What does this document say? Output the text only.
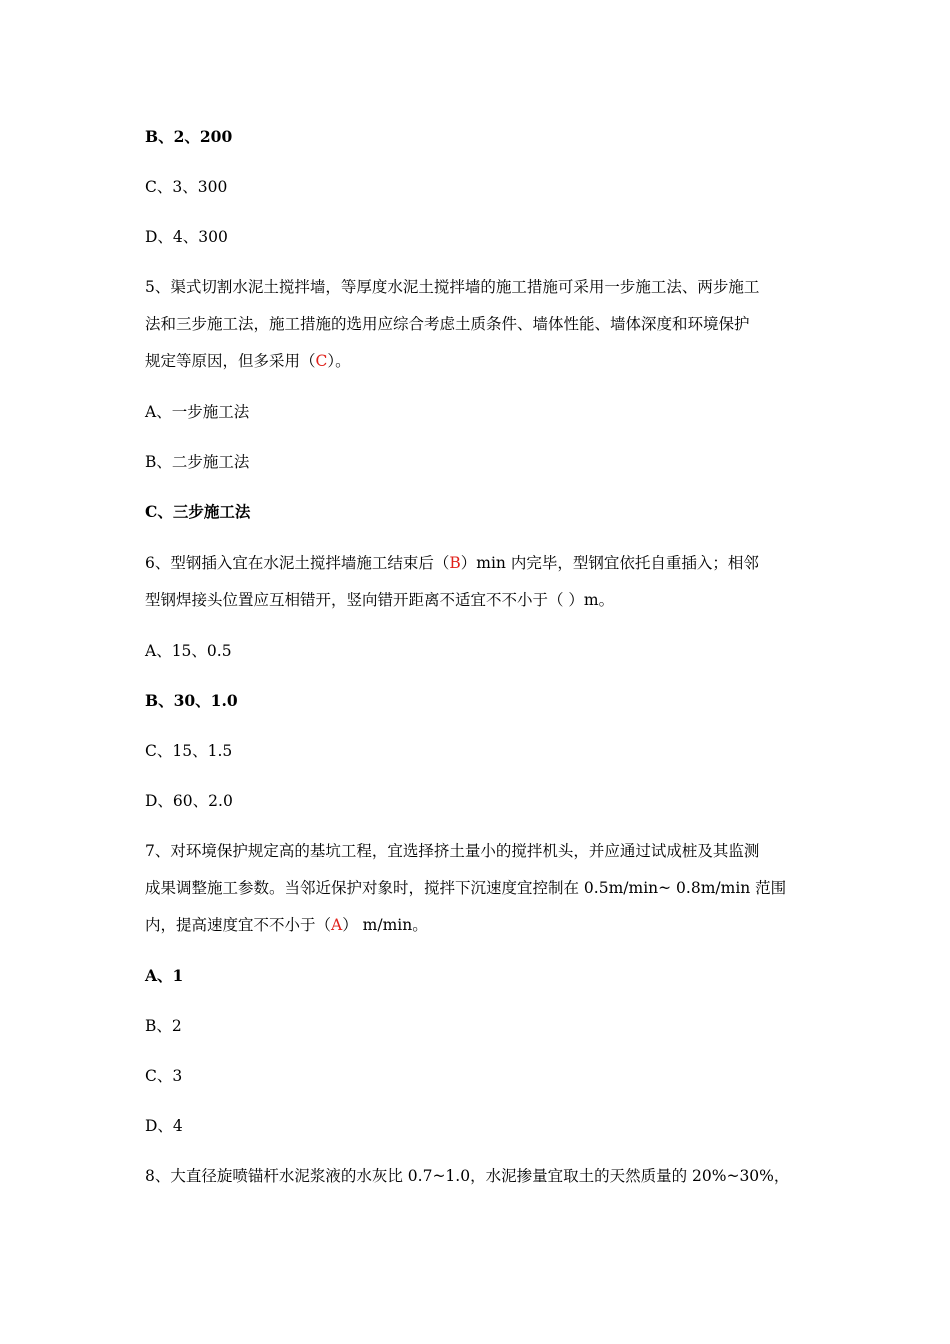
B、2、200
C、3、300
D、4、300
5、渠式切割水泥土搅拌墙，等厚度水泥土搅拌墙的施工措施可采用一步施工法、两步施工
法和三步施工法，施工措施的选用应综合考虑土质条件、墙体性能、墙体深度和环境保护
规定等原因，但多采用（C）。
A、一步施工法
B、二步施工法
C、三步施工法
6、型钢插入宜在水泥土搅拌墙施工结束后（B）min 内完毕，型钢宜依托自重插入；相邻
型钢焊接头位置应互相错开，竖向错开距离不适宜不不小于（ ）m。
A、15、0.5
B、30、1.0
C、15、1.5
D、60、2.0
7、对环境保护规定高的基坑工程，宜选择挤土量小的搅拌机头，并应通过试成桩及其监测
成果调整施工参数。当邻近保护对象时，搅拌下沉速度宜控制在 0.5m/min~ 0.8m/min 范围
内，提高速度宜不不小于（A） m/min。
A、1
B、2
C、3
D、4
8、大直径旋喷锚杆水泥浆液的水灰比 0.7~1.0，水泥掺量宜取土的天然质量的 20%~30%，
